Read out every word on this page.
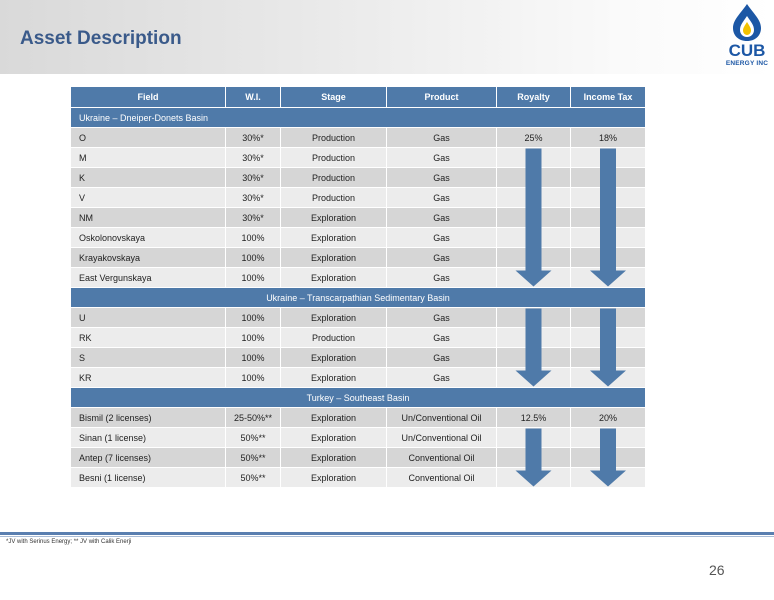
Asset Description
CUB
ENERGY INC
Field	W.I.	Stage	Product	Royalty	Income Tax
Ukraine – Dneiper-Donets Basin					
O	30%*	Production	Gas	25%	18%
M	30%*	Production	Gas		
K	30%*	Production	Gas		
V	30%*	Production	Gas		
NM	30%*	Exploration	Gas		
Oskolonovskaya	100%	Exploration	Gas		
Krayakovskaya	100%	Exploration	Gas		
East Vergunskaya	100%	Exploration	Gas		
Ukraine – Transcarpathian Sedimentary Basin					
U	100%	Exploration	Gas		
RK	100%	Production	Gas		
S	100%	Exploration	Gas		
KR	100%	Exploration	Gas		
Turkey – Southeast Basin					
Bismil (2 licenses)	25-50%**	Exploration	Un/Conventional Oil	12.5%	20%
Sinan (1 license)	50%**	Exploration	Un/Conventional Oil		
Antep (7 licenses)	50%**	Exploration	Conventional Oil		
Besni (1 license)	50%**	Exploration	Conventional Oil		
*JV with Serinus Energy; ** JV with Calik Enerji
26
